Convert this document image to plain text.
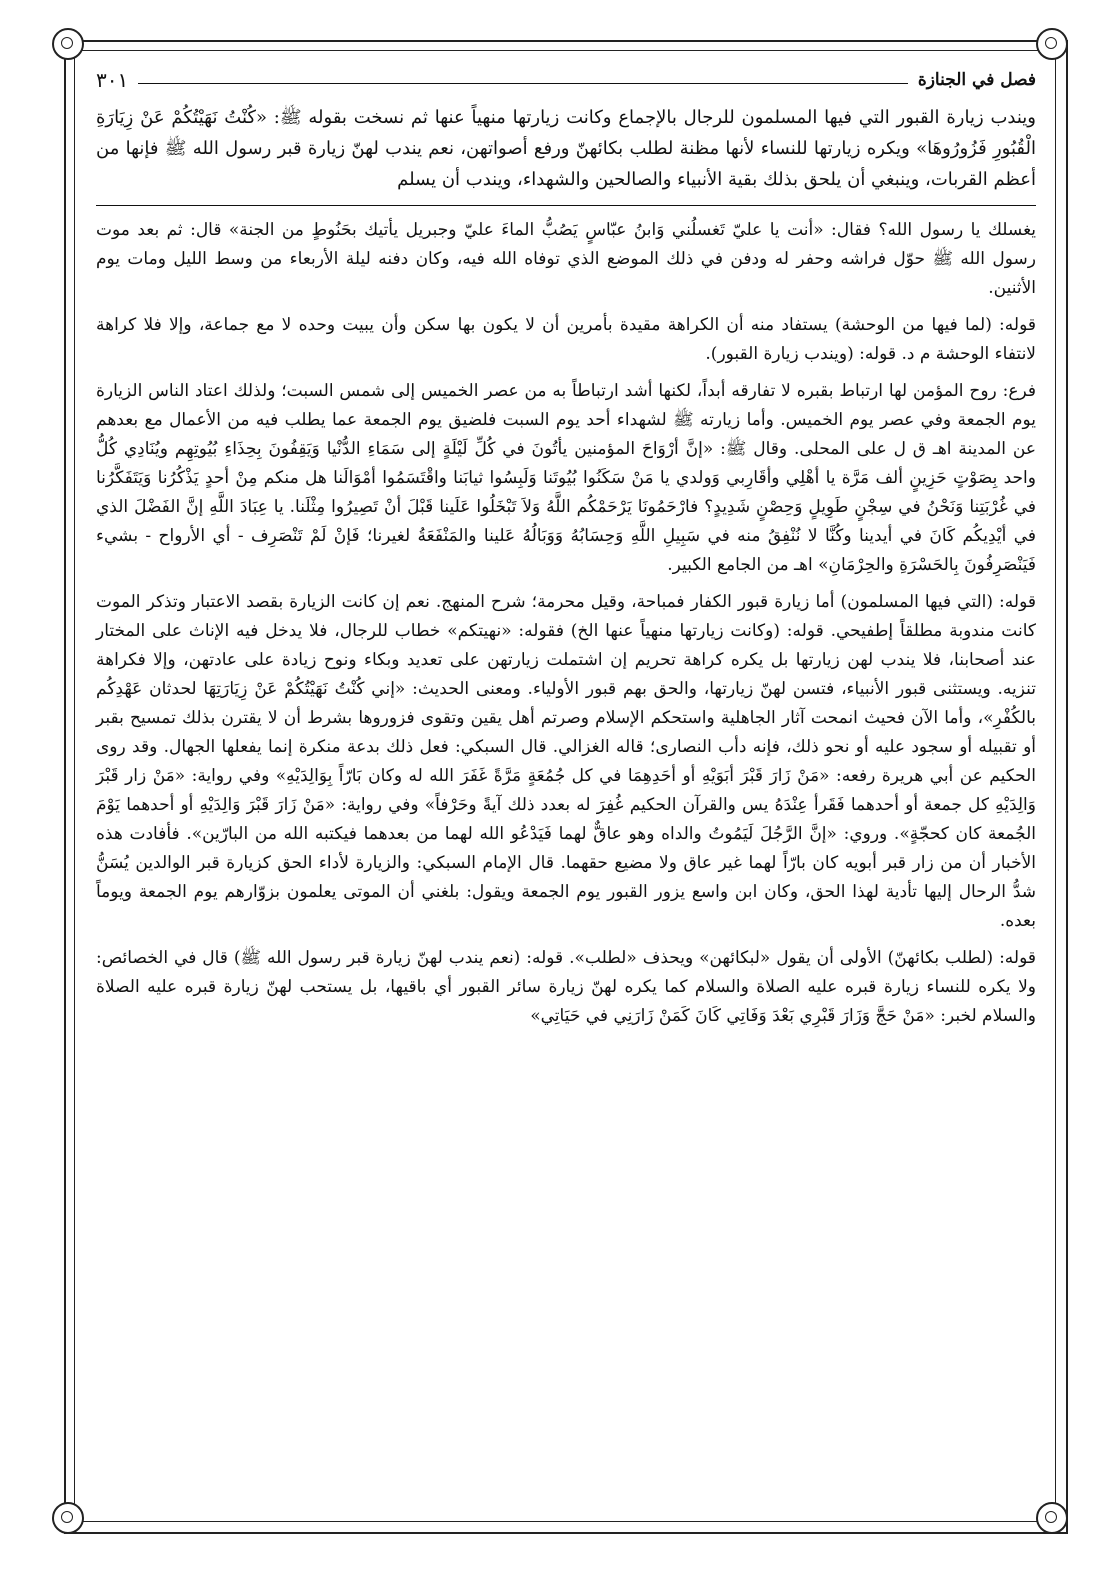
فصل في الجنازة
٣٠١

ويندب زيارة القبور التي فيها المسلمون للرجال بالإجماع وكانت زيارتها منهياً عنها ثم نسخت بقوله ﷺ: «كُنْتُ نَهَيْتُكُمْ عَنْ زِيَارَةِ الْقُبُورِ فَزُورُوهَا» ويكره زيارتها للنساء لأنها مظنة لطلب بكائهنّ ورفع أصواتهن، نعم يندب لهنّ زيارة قبر رسول الله ﷺ فإنها من أعظم القربات، وينبغي أن يلحق بذلك بقية الأنبياء والصالحين والشهداء، ويندب أن يسلم

يغسلك يا رسول الله؟ فقال: «أنت يا عليّ تَغسلُني وَابنُ عبّاسٍ يَصُبُّ الماءَ عليّ وجبريل يأتيك بحَنُوطٍ من الجنة» قال: ثم بعد موت رسول الله ﷺ حوّل فراشه وحفر له ودفن في ذلك الموضع الذي توفاه الله فيه، وكان دفنه ليلة الأربعاء من وسط الليل ومات يوم الأثنين.

قوله: (لما فيها من الوحشة) يستفاد منه أن الكراهة مقيدة بأمرين أن لا يكون بها سكن وأن يبيت وحده لا مع جماعة، وإلا فلا كراهة لانتفاء الوحشة م د. قوله: (ويندب زيارة القبور).

فرع: روح المؤمن لها ارتباط بقبره لا تفارقه أبداً، لكنها أشد ارتباطاً به من عصر الخميس إلى شمس السبت؛ ولذلك اعتاد الناس الزيارة يوم الجمعة وفي عصر يوم الخميس. وأما زيارته ﷺ لشهداء أحد يوم السبت فلضيق يوم الجمعة عما يطلب فيه من الأعمال مع بعدهم عن المدينة اهـ ق ل على المحلى. وقال ﷺ: «إنَّ أرْوَاحَ المؤمنين يأتُونَ في كُلِّ لَيْلَةٍ إلى سَمَاءِ الدُّنْيا وَيَقِفُونَ بِحِذَاءِ بُيُوتِهِم ويُنَادِي كُلُّ واحد بِصَوْتٍ حَزِينٍ ألف مَرَّة يا أهْلِي وأقَارِبي وَولدي يا مَنْ سَكَنُوا بُيُوتَنا وَلَبِسُوا ثيابَنا واقْتَسَمُوا أمْوَالَنا هل منكم مِنْ أحدٍ يَذْكُرُنا وَيَتَفَكَّرُنا في غُرْبَتِنا وَنَحْنُ في سِجْنٍ طَوِيلٍ وَحِصْنٍ شَدِيدٍ؟ فارْحَمُونَا يَرْحَمْكُم اللَّهُ وَلاَ تَبْخَلُوا عَلَينا قَبْلَ أنْ تَصِيرُوا مِثْلَنا. يا عِبَادَ اللَّهِ إنَّ الفَضْلَ الذي في أيْدِيكُم كَانَ في أيدينا وكُنَّا لا نُنْفِقُ منه في سَبِيلِ اللَّهِ وَحِسَابُهُ وَوَبَالُهُ عَلينا والمَنْفَعَةُ لغيرنا؛ فَإنْ لَمْ تَنْصَرِف - أي الأرواح - بشيء فَيَنْصَرِفُونَ بِالحَسْرَةِ والحِرْمَانِ» اهـ من الجامع الكبير.

قوله: (التي فيها المسلمون) أما زيارة قبور الكفار فمباحة، وقيل محرمة؛ شرح المنهج. نعم إن كانت الزيارة بقصد الاعتبار وتذكر الموت كانت مندوبة مطلقاً إطفيحي. قوله: (وكانت زيارتها منهياً عنها الخ) فقوله: «نهيتكم» خطاب للرجال، فلا يدخل فيه الإناث على المختار عند أصحابنا، فلا يندب لهن زيارتها بل يكره كراهة تحريم إن اشتملت زيارتهن على تعديد وبكاء ونوح زيادة على عادتهن، وإلا فكراهة تنزيه. ويستثنى قبور الأنبياء، فتسن لهنّ زيارتها، والحق بهم قبور الأولياء. ومعنى الحديث: «إني كُنْتُ نَهَيْتُكُمْ عَنْ زِيَارَتِهَا لحدثان عَهْدِكُم بالكُفْرِ»، وأما الآن فحيث انمحت آثار الجاهلية واستحكم الإسلام وصرتم أهل يقين وتقوى فزوروها بشرط أن لا يقترن بذلك تمسيح بقبر أو تقبيله أو سجود عليه أو نحو ذلك، فإنه دأب النصارى؛ قاله الغزالي. قال السبكي: فعل ذلك بدعة منكرة إنما يفعلها الجهال. وقد روى الحكيم عن أبي هريرة رفعه: «مَنْ زَارَ قَبْرَ أبَوَيْهِ أو أحَدِهِمَا في كل جُمُعَةٍ مَرَّةً غَفَرَ الله له وكان بَارّاً بِوَالِدَيْهِ» وفي رواية: «مَنْ زار قَبْرَ وَالِدَيْهِ كل جمعة أو أحدهما فَقَرأ عِنْدَهُ يس والقرآن الحكيم غُفِرَ له بعدد ذلك آيةً وحَرْفاً» وفي رواية: «مَنْ زَارَ قَبْرَ وَالِدَيْهِ أو أحدهما يَوْمَ الجُمعة كان كحجّةٍ». وروي: «إنَّ الرَّجُلَ لَيَمُوتُ والداه وهو عاقٌّ لهما فَيَدْعُو الله لهما من بعدهما فيكتبه الله من البارّين». فأفادت هذه الأخبار أن من زار قبر أبويه كان بارّاً لهما غير عاق ولا مضيع حقهما. قال الإمام السبكي: والزيارة لأداء الحق كزيارة قبر الوالدين يُسَنُّ شدُّ الرحال إليها تأدية لهذا الحق، وكان ابن واسع يزور القبور يوم الجمعة ويقول: بلغني أن الموتى يعلمون بزوّارهم يوم الجمعة ويوماً بعده.

قوله: (لطلب بكائهنّ) الأولى أن يقول «لبكائهن» ويحذف «لطلب». قوله: (نعم يندب لهنّ زيارة قبر رسول الله ﷺ) قال في الخصائص: ولا يكره للنساء زيارة قبره عليه الصلاة والسلام كما يكره لهنّ زيارة سائر القبور أي باقيها، بل يستحب لهنّ زيارة قبره عليه الصلاة والسلام لخبر: «مَنْ حَجَّ وَزَارَ قَبْرِي بَعْدَ وَفَاتِي كَانَ كَمَنْ زَارَنِي في حَيَاتِي»
